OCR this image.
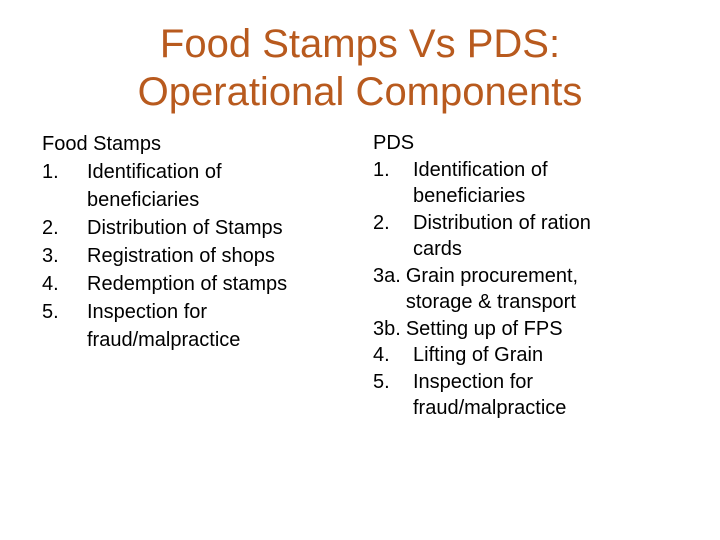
Food Stamps Vs PDS:
Operational Components
Food Stamps
1.	Identification of
beneficiaries
2.	Distribution of Stamps
3.	Registration of shops
4.	Redemption of stamps
5.	Inspection for
fraud/malpractice
PDS
1.	Identification of
beneficiaries
2.	Distribution of ration
cards
3a. Grain procurement,
storage & transport
3b. Setting up of FPS
4.	Lifting of Grain
5.	Inspection for
fraud/malpractice
